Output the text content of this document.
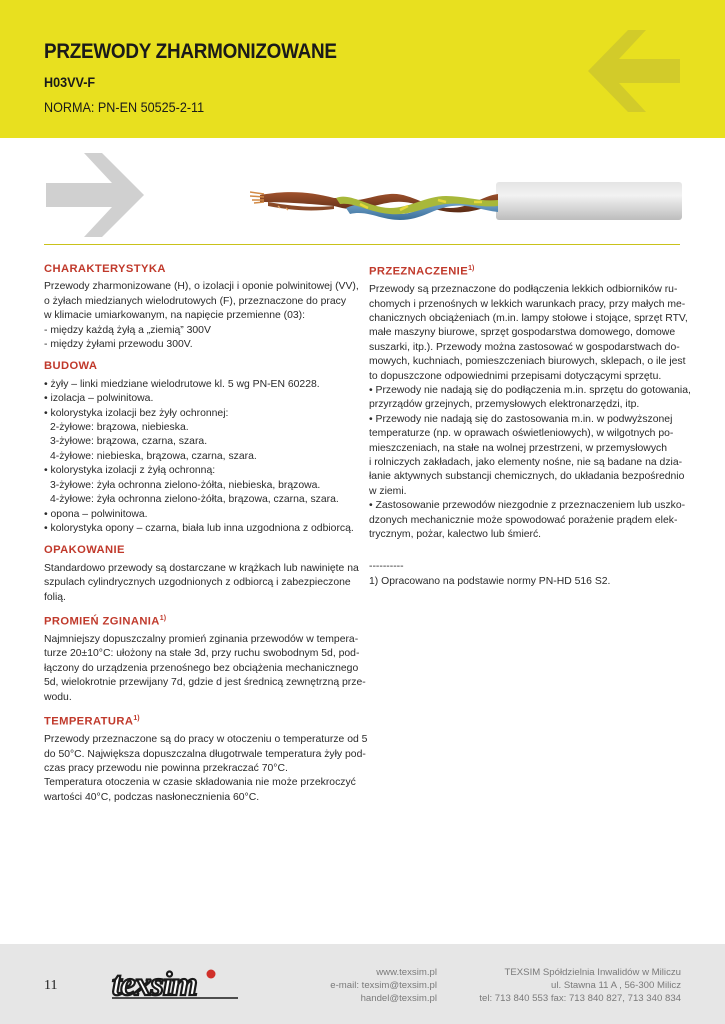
PRZEWODY ZHARMONIZOWANE
H03VV-F
NORMA: PN-EN 50525-2-11
CHARAKTERYSTYKA

Przewody zharmonizowane (H), o izolacji i oponie polwinitowej (VV),
o żyłach miedzianych wielodrutowych (F), przeznaczone do pracy
w klimacie umiarkowanym, na napięcie przemienne (03):
- między każdą żyłą a „ziemią” 300V
- między żyłami przewodu 300V.

BUDOWA

• żyły – linki miedziane wielodrutowe kl. 5 wg PN-EN 60228.
• izolacja – polwinitowa.
• kolorystyka izolacji bez żyły ochronnej:
2-żyłowe: brązowa, niebieska.
3-żyłowe: brązowa, czarna, szara.
4-żyłowe: niebieska, brązowa, czarna, szara.
• kolorystyka izolacji z żyłą ochronną:
3-żyłowe: żyła ochronna zielono-żółta, niebieska, brązowa.
4-żyłowe: żyła ochronna zielono-żółta, brązowa, czarna, szara.
• opona – polwinitowa.
• kolorystyka opony – czarna, biała lub inna uzgodniona z odbiorcą.

OPAKOWANIE

Standardowo przewody są dostarczane w krążkach lub nawinięte na
szpulach cylindrycznych uzgodnionych z odbiorcą i zabezpieczone
folią.

PROMIEŃ ZGINANIA$^{1)}$

Najmniejszy dopuszczalny promień zginania przewodów w tempera-
turze 20±10°C: ułożony na stałe 3d, przy ruchu swobodnym 5d, pod-
łączony do urządzenia przenośnego bez obciążenia mechanicznego
5d, wielokrotnie przewijany 7d, gdzie d jest średnicą zewnętrzną prze-
wodu.

TEMPERATURA$^{1)}$

Przewody przeznaczone są do pracy w otoczeniu o temperaturze od 5
do 50°C. Największa dopuszczalna długotrwale temperatura żyły pod-
czas pracy przewodu nie powinna przekraczać 70°C.
Temperatura otoczenia w czasie składowania nie może przekroczyć
wartości 40°C, podczas nasłonecznienia 60°C.

PRZEZNACZENIE$^{1)}$

Przewody są przeznaczone do podłączenia lekkich odbiorników ru-
chomych i przenośnych w lekkich warunkach pracy, przy małych me-
chanicznych obciążeniach (m.in. lampy stołowe i stojące, sprzęt RTV,
małe maszyny biurowe, sprzęt gospodarstwa domowego, domowe
suszarki, itp.). Przewody można zastosować w gospodarstwach do-
mowych, kuchniach, pomieszczeniach biurowych, sklepach, o ile jest
to dopuszczone odpowiednimi przepisami dotyczącymi sprzętu.
• Przewody nie nadają się do podłączenia m.in. sprzętu do gotowania,
przyrządów grzejnych, przemysłowych elektronarzędzi, itp.
• Przewody nie nadają się do zastosowania m.in. w podwyższonej
temperaturze (np. w oprawach oświetleniowych), w wilgotnych po-
mieszczeniach, na stałe na wolnej przestrzeni, w przemysłowych
i rolniczych zakładach, jako elementy nośne, nie są badane na dzia-
łanie aktywnych substancji chemicznych, do układania bezpośrednio
w ziemi.
• Zastosowanie przewodów niezgodnie z przeznaczeniem lub uszko-
dzonych mechanicznie może spowodować porażenie prądem elek-
trycznym, pożar, kalectwo lub śmierć.

----------
1) Opracowano na podstawie normy PN-HD 516 S2.
11 texsim	www.texsim.pl
e-mail: texsim@texsim.pl
handel@texsim.pl
TEXSIM Spółdzielnia Inwalidów w Miliczu
ul. Stawna 11 A , 56-300 Milicz
tel: 713 840 553 fax: 713 840 827, 713 340 834
